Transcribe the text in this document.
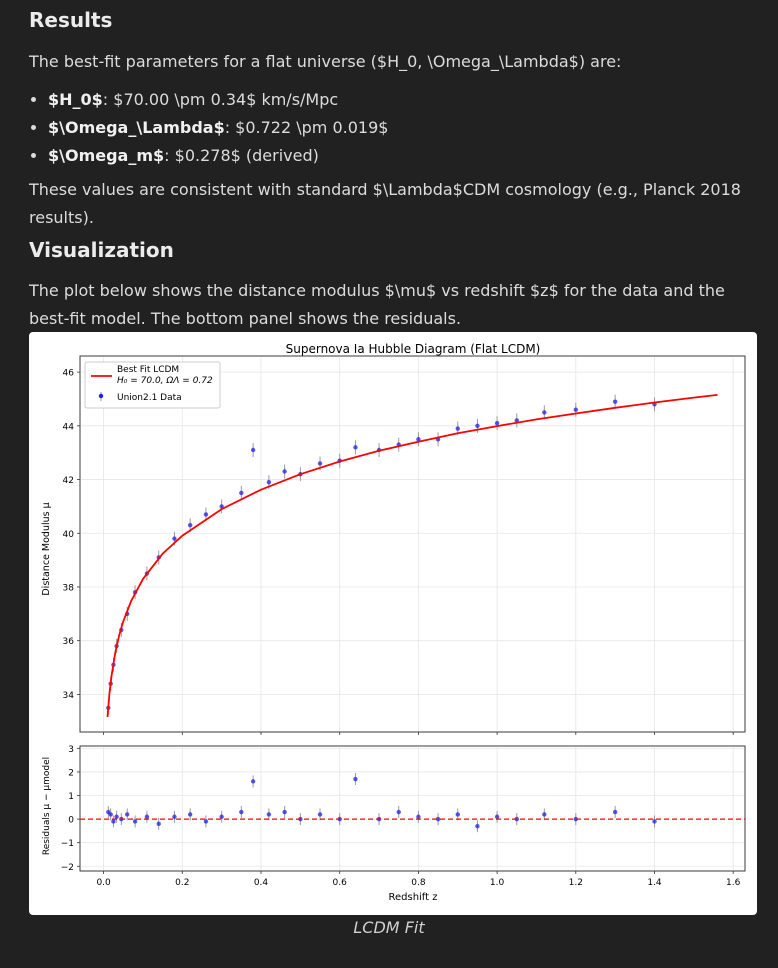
Results

The best-fit parameters for a flat universe ($H_0, \Omega_\Lambda$) are:

• $H_0$: $70.00 \pm 0.34$ km/s/Mpc
• $\Omega_\Lambda$: $0.722 \pm 0.019$
• $\Omega_m$: $0.278$ (derived)

These values are consistent with standard $\Lambda$CDM cosmology (e.g., Planck 2018 results).

Visualization

The plot below shows the distance modulus $\mu$ vs redshift $z$ for the data and the best-fit model. The bottom panel shows the residuals.

Supernova Ia Hubble Diagram (Flat LCDM)
34
36
38
40
42
44
46	Best Fit LCDM
H₀ = 70.0, ΩΛ = 0.72
Union2.1 Data
−2
−1
0
1
2
3
0.0	0.2	0.4	0.6	0.8	1.0	1.2	1.4	1.6
Distance Modulus μ
Residuals μ − μmodel
Redshift z
LCDM Fit
